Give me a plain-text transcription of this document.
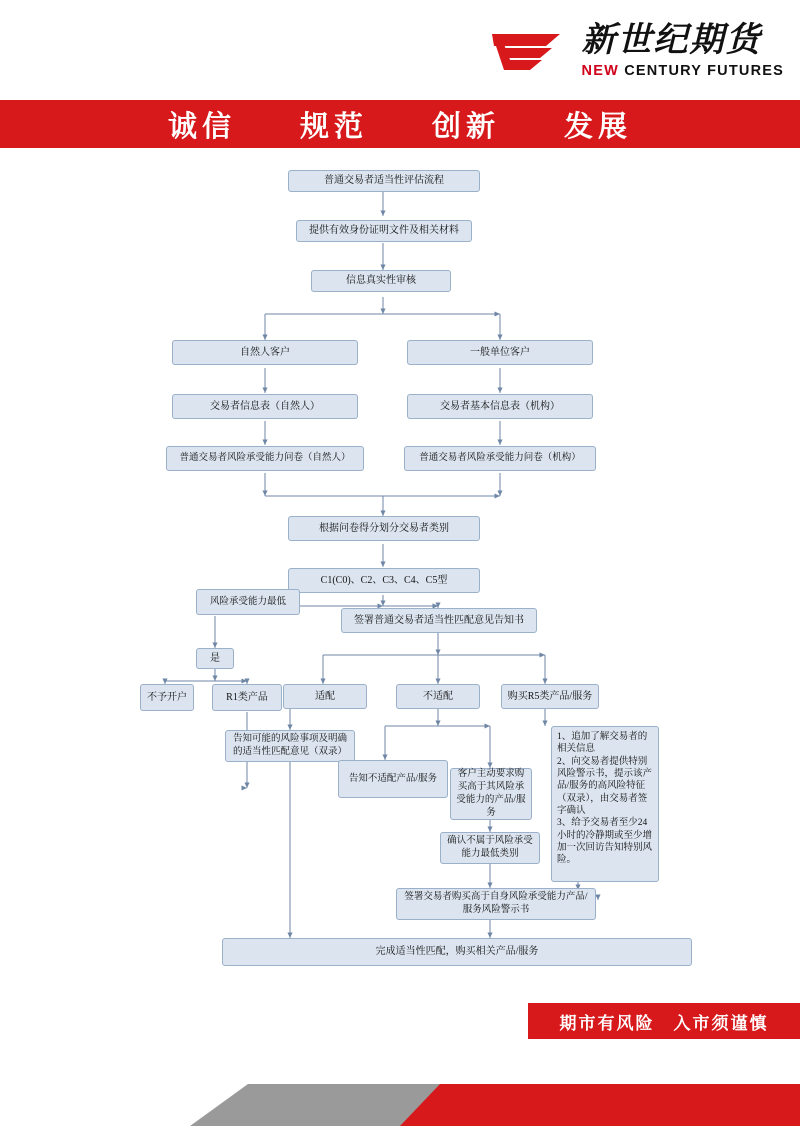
新世纪期货
NEW CENTURY FUTURES
诚信 规范 创新 发展
普通交易者适当性评估流程
提供有效身份证明文件及相关材料
信息真实性审核
自然人客户	一般单位客户
交易者信息表（自然人）	交易者基本信息表（机构）
普通交易者风险承受能力问卷（自然人）	普通交易者风险承受能力问卷（机构）
根据问卷得分划分交易者类别
C1(C0)、C2、C3、C4、C5型
风险承受能力最低
签署普通交易者适当性匹配意见告知书
是
不予开户	R1类产品	适配	不适配	购买R5类产品/服务
告知可能的风险事项及明确的适当性匹配意见（双录）
告知不适配产品/服务	客户主动要求购买高于其风险承受能力的产品/服务
1、追加了解交易者的相关信息
2、向交易者提供特别风险警示书，提示该产品/服务的高风险特征（双录），由交易者签字确认
3、给予交易者至少24小时的冷静期或至少增加一次回访告知特别风险。
确认不属于风险承受能力最低类别
签署交易者购买高于自身风险承受能力产品/服务风险警示书
完成适当性匹配，购买相关产品/服务
期市有风险　入市须谨慎
